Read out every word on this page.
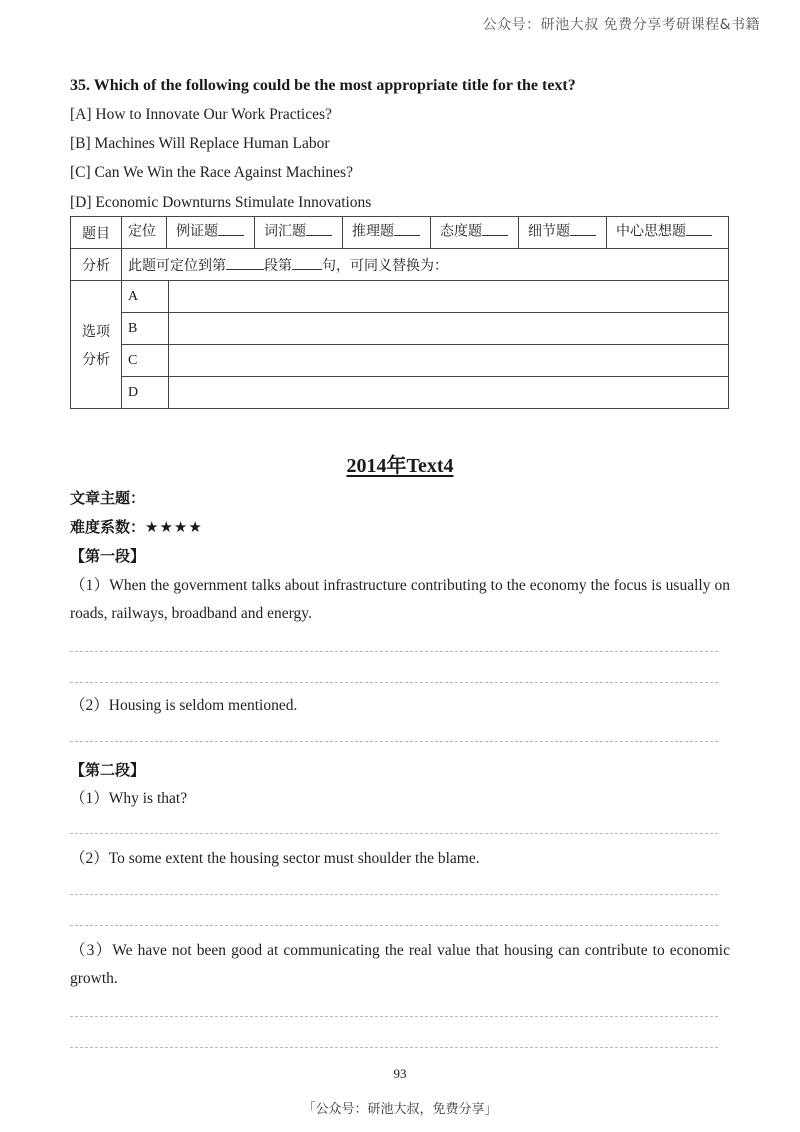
公众号：研池大叔 免费分享考研课程&书籍
35. Which of the following could be the most appropriate title for the text?
[A] How to Innovate Our Work Practices?
[B] Machines Will Replace Human Labor
[C] Can We Win the Race Against Machines?
[D] Economic Downturns Stimulate Innovations
题目	定位 例证题 词汇题 推理题 态度题 细节题 中心思想题	
分析	此题可定位到第 段第 句，可同义替换为：	

选项
分析	A	
	B	
	C	
	D	
2014年Text4
文章主题：
难度系数：★★★★
【第一段】
（1）When the government talks about infrastructure contributing to the economy the focus is usually on roads, railways, broadband and energy.
（2）Housing is seldom mentioned.
【第二段】
（1）Why is that?
（2）To some extent the housing sector must shoulder the blame.
（3）We have not been good at communicating the real value that housing can contribute to economic growth.
93
「公众号：研池大叔，免费分享」
